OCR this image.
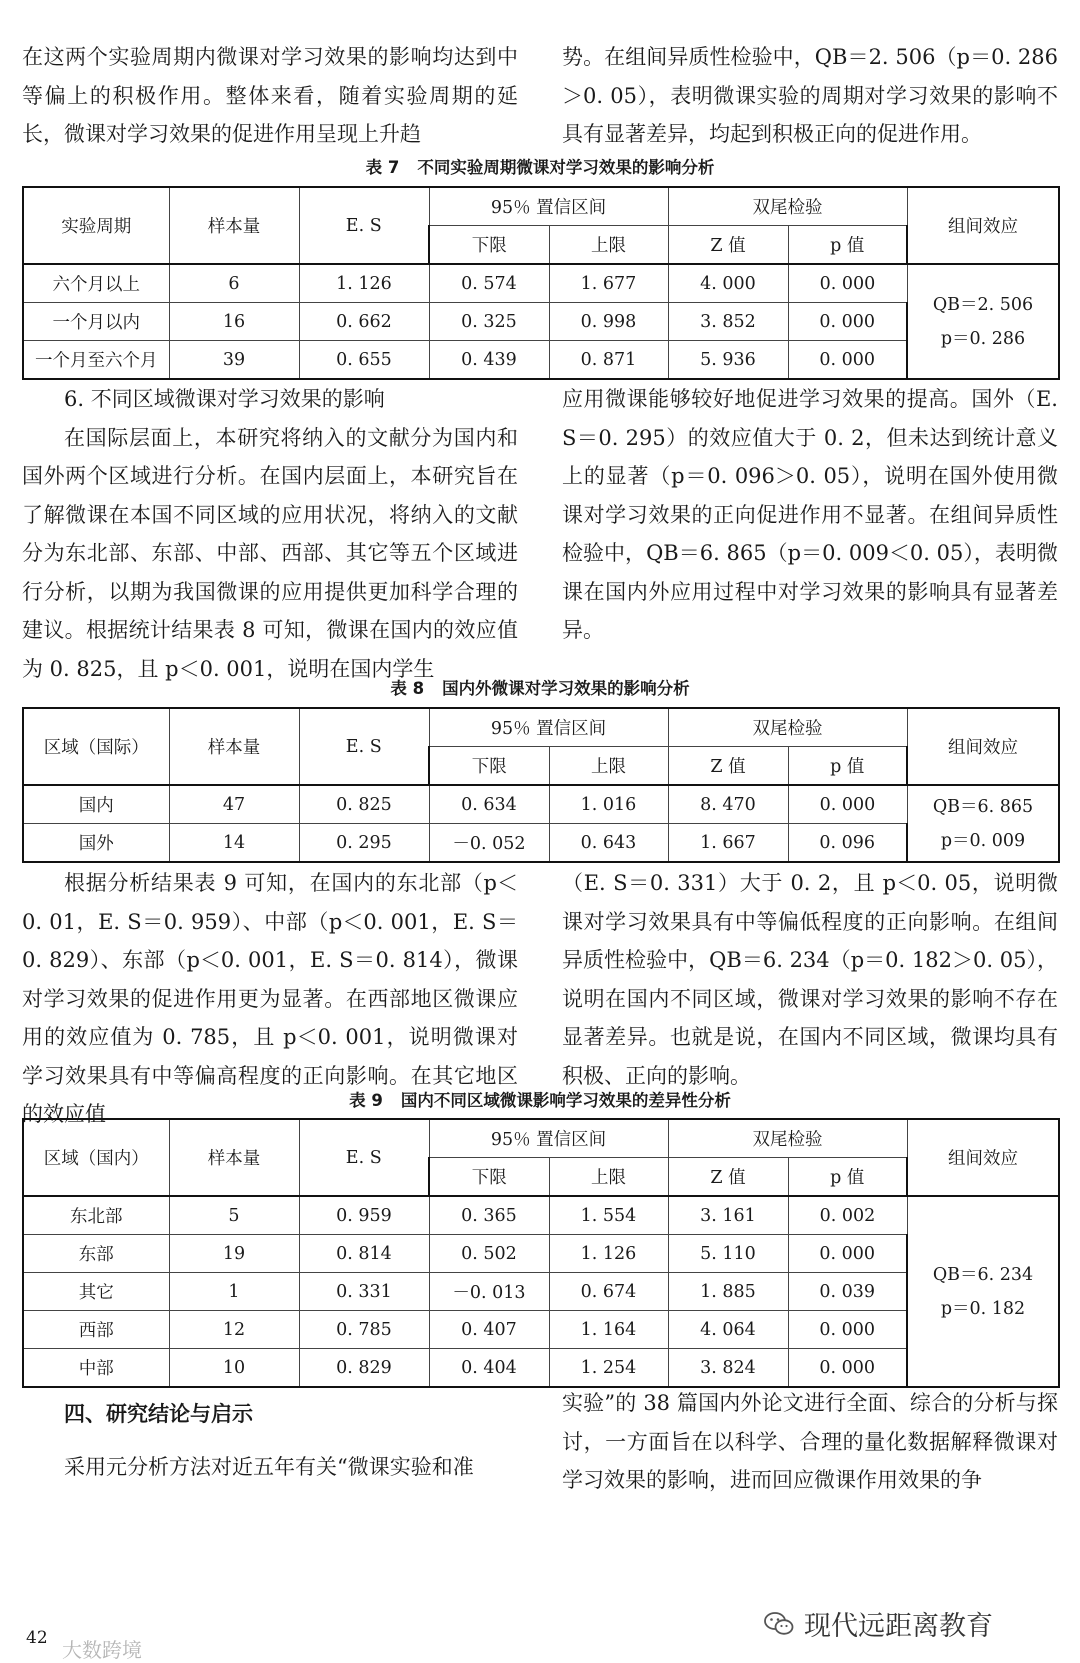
在这两个实验周期内微课对学习效果的影响均达到中等偏上的积极作用。整体来看，随着实验周期的延长，微课对学习效果的促进作用呈现上升趋

势。在组间异质性检验中，QB＝2. 506（p＝0. 286＞0. 05），表明微课实验的周期对学习效果的影响不具有显著差异，均起到积极正向的促进作用。

表 7 不同实验周期微课对学习效果的影响分析
实验周期	样本量	E. S	95％ 置信区间		双尾检验		组间效应
			下限	上限	Z 值	p 值	
六个月以上	6	1. 126	0. 574	1. 677	4. 000	0. 000	QB＝2. 506
p＝0. 286
一个月以内	16	0. 662	0. 325	0. 998	3. 852	0. 000	
一个月至六个月	39	0. 655	0. 439	0. 871	5. 936	0. 000	

6. 不同区域微课对学习效果的影响

在国际层面上，本研究将纳入的文献分为国内和国外两个区域进行分析。在国内层面上，本研究旨在了解微课在本国不同区域的应用状况，将纳入的文献分为东北部、东部、中部、西部、其它等五个区域进行分析，以期为我国微课的应用提供更加科学合理的建议。根据统计结果表 8 可知，微课在国内的效应值为 0. 825，且 p＜0. 001，说明在国内学生

应用微课能够较好地促进学习效果的提高。国外（E. S＝0. 295）的效应值大于 0. 2，但未达到统计意义上的显著（p＝0. 096＞0. 05），说明在国外使用微课对学习效果的正向促进作用不显著。在组间异质性检验中，QB＝6. 865（p＝0. 009＜0. 05），表明微课在国内外应用过程中对学习效果的影响具有显著差异。

表 8 国内外微课对学习效果的影响分析
区域（国际）	样本量	E. S	95％ 置信区间		双尾检验		组间效应
			下限	上限	Z 值	p 值	
国内	47	0. 825	0. 634	1. 016	8. 470	0. 000	QB＝6. 865
p＝0. 009
国外	14	0. 295	－0. 052	0. 643	1. 667	0. 096	

根据分析结果表 9 可知，在国内的东北部（p＜0. 01，E. S＝0. 959）、中部（p＜0. 001，E. S＝0. 829）、东部（p＜0. 001，E. S＝0. 814），微课对学习效果的促进作用更为显著。在西部地区微课应用的效应值为 0. 785，且 p＜0. 001，说明微课对学习效果具有中等偏高程度的正向影响。在其它地区的效应值

（E. S＝0. 331）大于 0. 2，且 p＜0. 05，说明微课对学习效果具有中等偏低程度的正向影响。在组间异质性检验中，QB＝6. 234（p＝0. 182＞0. 05），说明在国内不同区域，微课对学习效果的影响不存在显著差异。也就是说，在国内不同区域，微课均具有积极、正向的影响。

表 9 国内不同区域微课影响学习效果的差异性分析
区域（国内）	样本量	E. S	95％ 置信区间		双尾检验		组间效应
			下限	上限	Z 值	p 值	
东北部	5	0. 959	0. 365	1. 554	3. 161	0. 002	QB＝6. 234
p＝0. 182
东部	19	0. 814	0. 502	1. 126	5. 110	0. 000	
其它	1	0. 331	－0. 013	0. 674	1. 885	0. 039	
西部	12	0. 785	0. 407	1. 164	4. 064	0. 000	
中部	10	0. 829	0. 404	1. 254	3. 824	0. 000	

四、研究结论与启示

采用元分析方法对近五年有关“微课实验和准

实验”的 38 篇国内外论文进行全面、综合的分析与探讨，一方面旨在以科学、合理的量化数据解释微课对学习效果的影响，进而回应微课作用效果的争

42 大数跨境
现代远距离教育
